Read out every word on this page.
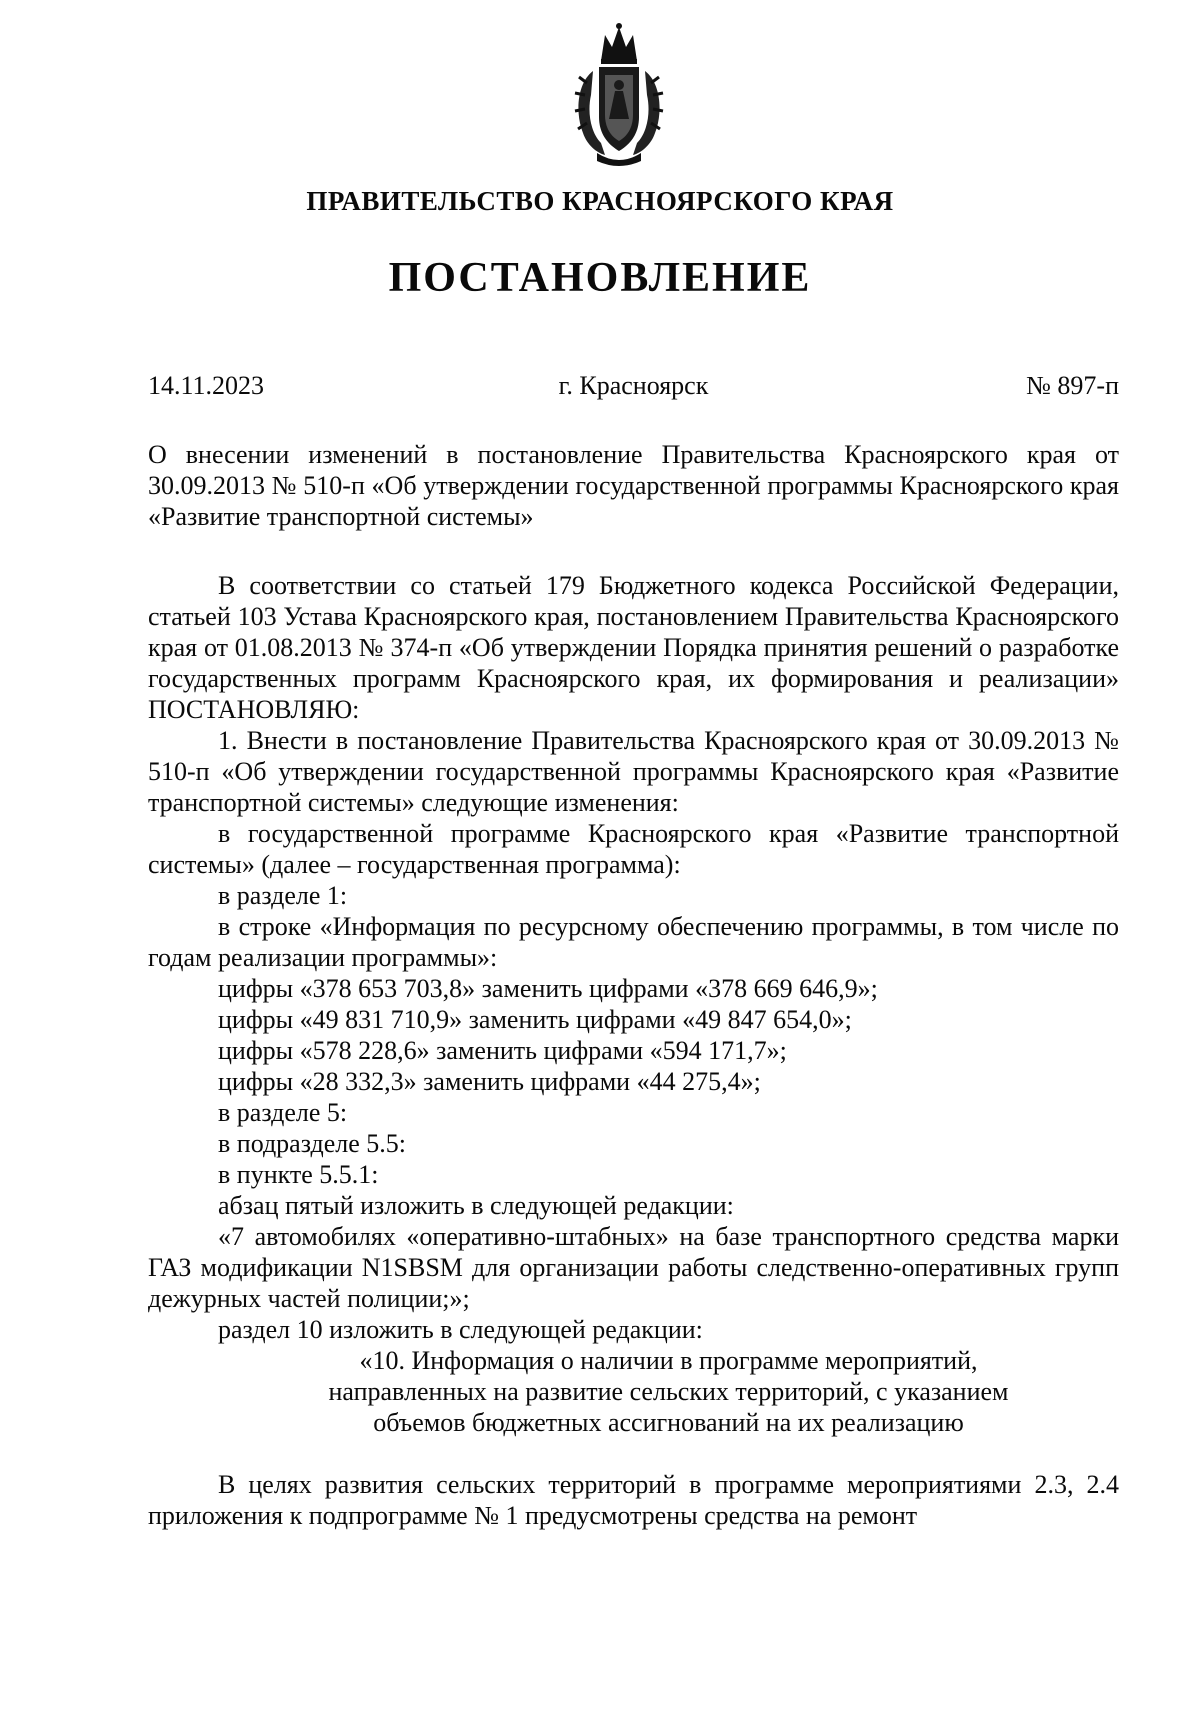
ПРАВИТЕЛЬСТВО КРАСНОЯРСКОГО КРАЯ
ПОСТАНОВЛЕНИЕ
14.11.2023	г. Красноярск	№ 897-п
О внесении изменений в постановление Правительства Красноярского края от 30.09.2013 № 510-п «Об утверждении государственной программы Красноярского края «Развитие транспортной системы»

В соответствии со статьей 179 Бюджетного кодекса Российской Федерации, статьей 103 Устава Красноярского края, постановлением Правительства Красноярского края от 01.08.2013 № 374-п «Об утверждении Порядка принятия решений о разработке государственных программ Красноярского края, их формирования и реализации» ПОСТАНОВЛЯЮ:

1. Внести в постановление Правительства Красноярского края от 30.09.2013 № 510-п «Об утверждении государственной программы Красноярского края «Развитие транспортной системы» следующие изменения:

в государственной программе Красноярского края «Развитие транспортной системы» (далее – государственная программа):

в разделе 1:

в строке «Информация по ресурсному обеспечению программы, в том числе по годам реализации программы»:

цифры «378 653 703,8» заменить цифрами «378 669 646,9»;

цифры «49 831 710,9» заменить цифрами «49 847 654,0»;

цифры «578 228,6» заменить цифрами «594 171,7»;

цифры «28 332,3» заменить цифрами «44 275,4»;

в разделе 5:

в подразделе 5.5:

в пункте 5.5.1:

абзац пятый изложить в следующей редакции:

«7 автомобилях «оперативно-штабных» на базе транспортного средства марки ГАЗ модификации N1SBSM для организации работы следственно-оперативных групп дежурных частей полиции;»;

раздел 10 изложить в следующей редакции:

«10. Информация о наличии в программе мероприятий,

направленных на развитие сельских территорий, с указанием

объемов бюджетных ассигнований на их реализацию

В целях развития сельских территорий в программе мероприятиями 2.3, 2.4 приложения к подпрограмме № 1 предусмотрены средства на ремонт
